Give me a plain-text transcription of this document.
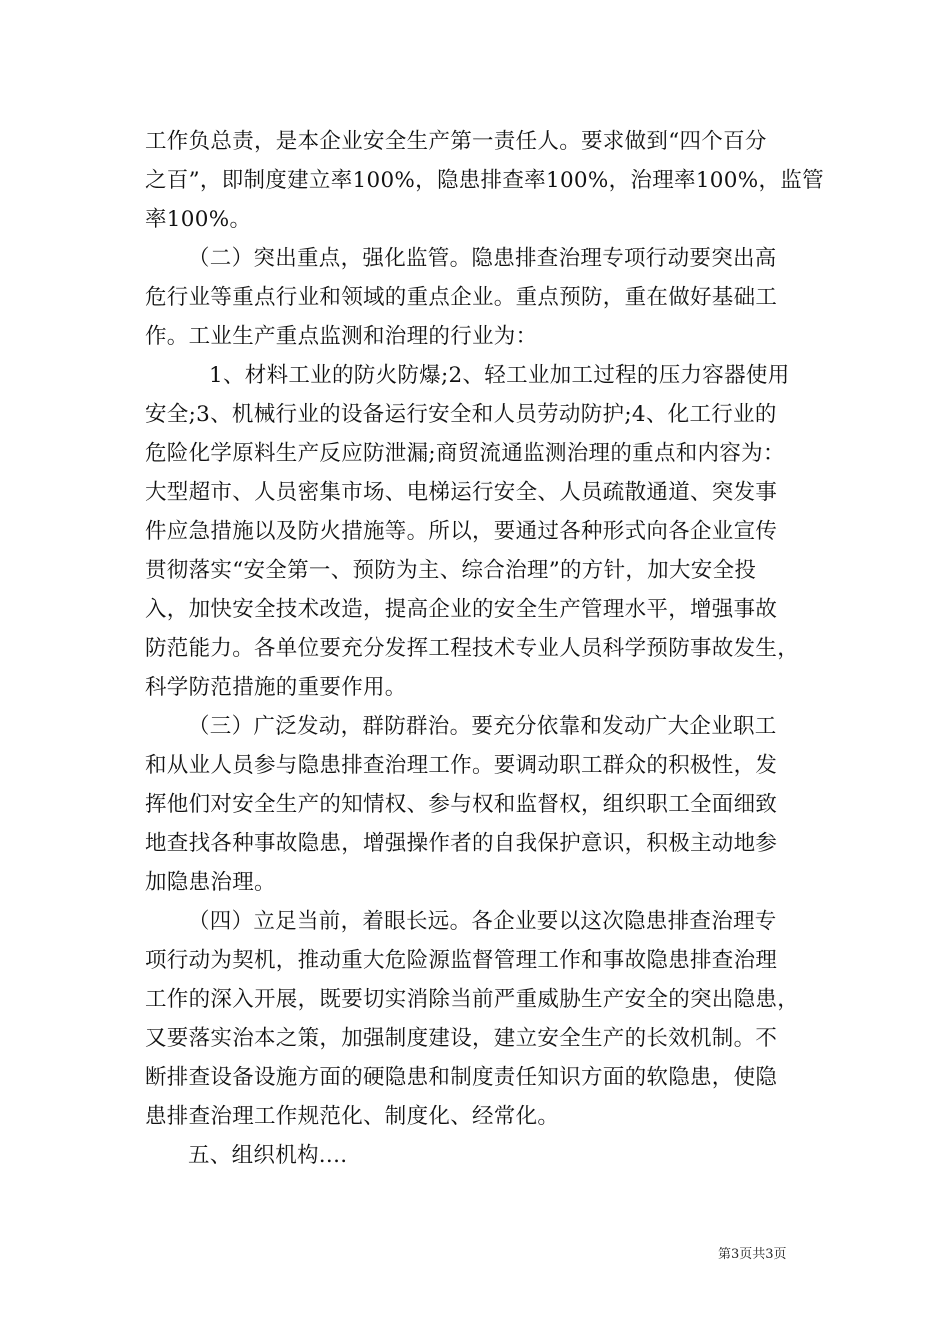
工作负总责，是本企业安全生产第一责任人。要求做到“四个百分
之百”，即制度建立率100%，隐患排查率100%，治理率100%，监管
率100%。
（二）突出重点，强化监管。隐患排查治理专项行动要突出高
危行业等重点行业和领域的重点企业。重点预防，重在做好基础工
作。工业生产重点监测和治理的行业为：
1、材料工业的防火防爆;2、轻工业加工过程的压力容器使用
安全;3、机械行业的设备运行安全和人员劳动防护;4、化工行业的
危险化学原料生产反应防泄漏;商贸流通监测治理的重点和内容为：
大型超市、人员密集市场、电梯运行安全、人员疏散通道、突发事
件应急措施以及防火措施等。所以，要通过各种形式向各企业宣传
贯彻落实“安全第一、预防为主、综合治理”的方针，加大安全投
入，加快安全技术改造，提高企业的安全生产管理水平，增强事故
防范能力。各单位要充分发挥工程技术专业人员科学预防事故发生，
科学防范措施的重要作用。
（三）广泛发动，群防群治。要充分依靠和发动广大企业职工
和从业人员参与隐患排查治理工作。要调动职工群众的积极性，发
挥他们对安全生产的知情权、参与权和监督权，组织职工全面细致
地查找各种事故隐患，增强操作者的自我保护意识，积极主动地参
加隐患治理。
（四）立足当前，着眼长远。各企业要以这次隐患排查治理专
项行动为契机，推动重大危险源监督管理工作和事故隐患排查治理
工作的深入开展，既要切实消除当前严重威胁生产安全的突出隐患，
又要落实治本之策，加强制度建设，建立安全生产的长效机制。不
断排查设备设施方面的硬隐患和制度责任知识方面的软隐患，使隐
患排查治理工作规范化、制度化、经常化。
五、组织机构....
第3页共3页
